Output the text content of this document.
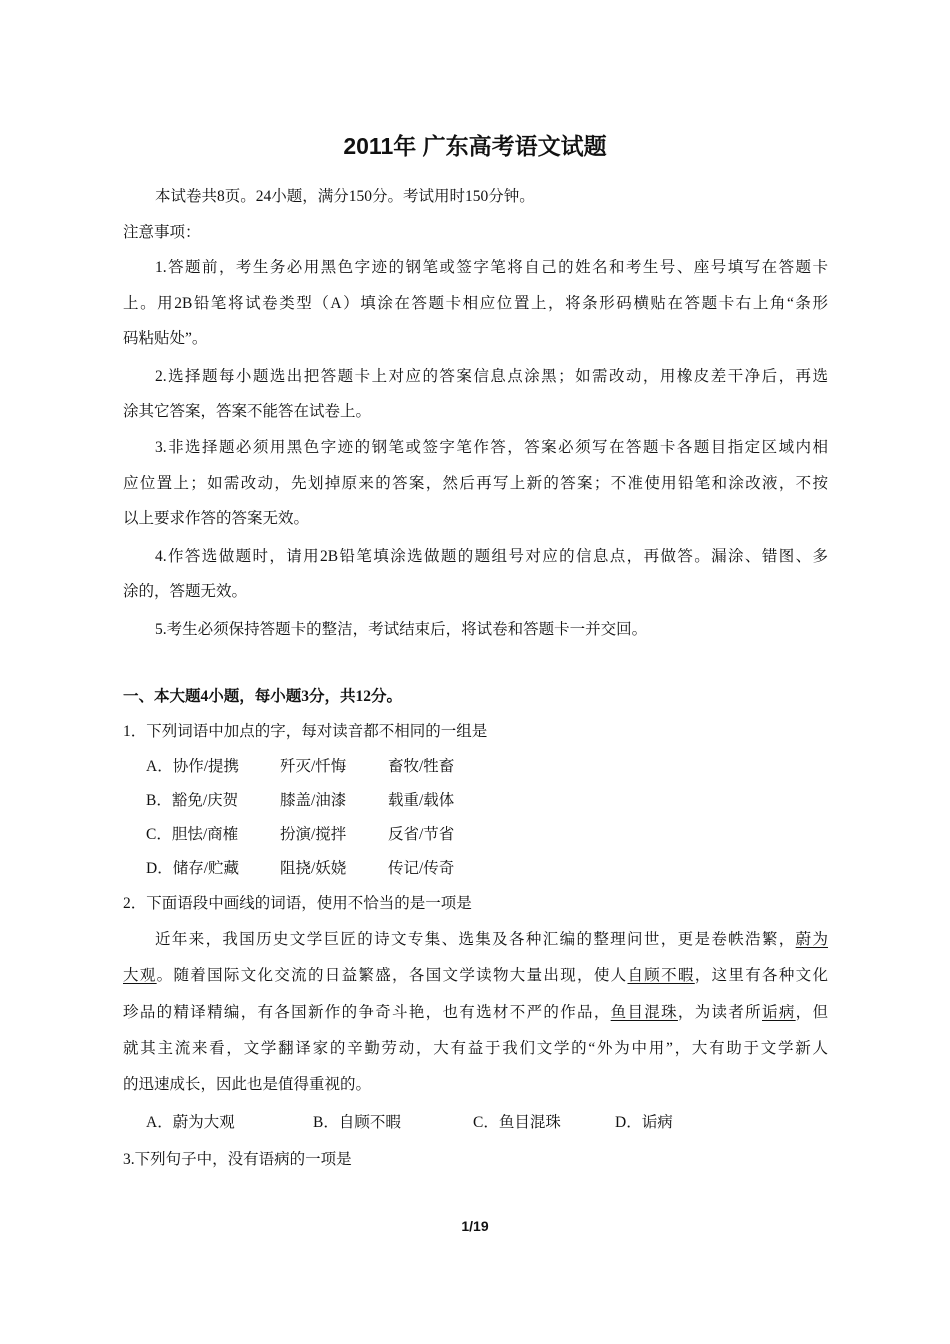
2011年 广东高考语文试题
本试卷共8页。24小题，满分150分。考试用时150分钟。
注意事项：
1.答题前，考生务必用黑色字迹的钢笔或签字笔将自己的姓名和考生号、座号填写在答题卡
上。用2B铅笔将试卷类型（A）填涂在答题卡相应位置上，将条形码横贴在答题卡右上角“条形
码粘贴处”。
2.选择题每小题选出把答题卡上对应的答案信息点涂黑；如需改动，用橡皮差干净后，再选
涂其它答案，答案不能答在试卷上。
3.非选择题必须用黑色字迹的钢笔或签字笔作答，答案必须写在答题卡各题目指定区域内相
应位置上；如需改动，先划掉原来的答案，然后再写上新的答案；不准使用铅笔和涂改液，不按
以上要求作答的答案无效。
4.作答选做题时，请用2B铅笔填涂选做题的题组号对应的信息点，再做答。漏涂、错图、多
涂的，答题无效。
5.考生必须保持答题卡的整洁，考试结束后，将试卷和答题卡一并交回。
一、本大题4小题，每小题3分，共12分。
1．下列词语中加点的字，每对读音都不相同的一组是
A．协作/提携	歼灭/忏悔	畜牧/牲畜
B．豁免/庆贺	膝盖/油漆	载重/载体
C．胆怯/商榷	扮演/搅拌	反省/节省
D．储存/贮藏	阻挠/妖娆	传记/传奇
2．下面语段中画线的词语，使用不恰当的是一项是
近年来，我国历史文学巨匠的诗文专集、选集及各种汇编的整理问世，更是卷帙浩繁，蔚为
大观。随着国际文化交流的日益繁盛，各国文学读物大量出现，使人自顾不暇，这里有各种文化
珍品的精译精编，有各国新作的争奇斗艳，也有选材不严的作品，鱼目混珠，为读者所诟病，但
就其主流来看，文学翻译家的辛勤劳动，大有益于我们文学的“外为中用”，大有助于文学新人
的迅速成长，因此也是值得重视的。
A．蔚为大观	B．自顾不暇	C．鱼目混珠	D．诟病
3.下列句子中，没有语病的一项是
1/19
